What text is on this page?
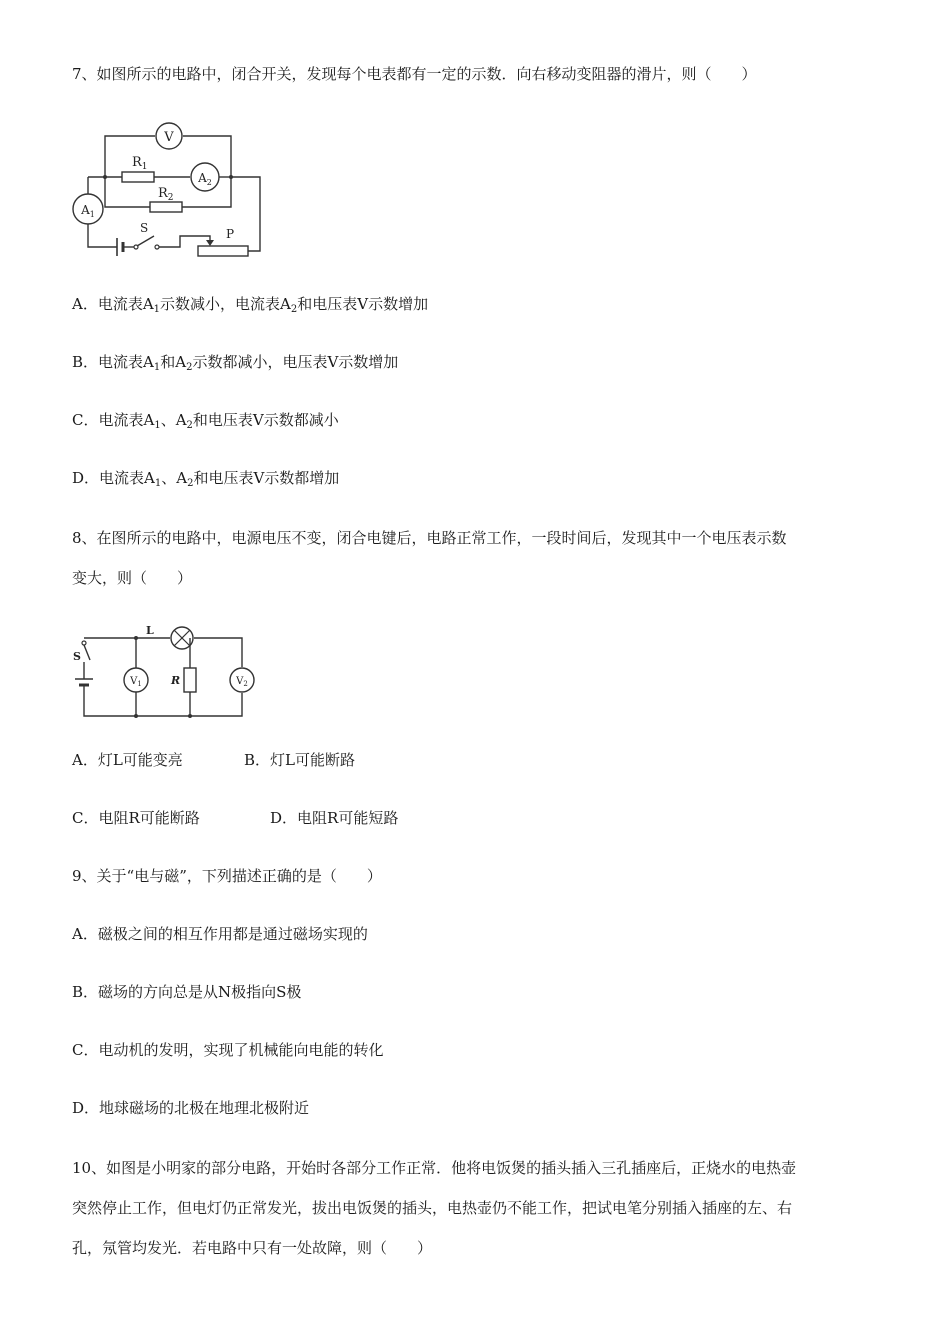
7、如图所示的电路中，闭合开关，发现每个电表都有一定的示数．向右移动变阻器的滑片，则（　　）
V
$A_2$
$R_1$
$R_2$
$A_1$
S	P
A．电流表$A_1$示数减小，电流表$A_2$和电压表V示数增加
B．电流表$A_1$和$A_2$示数都减小，电压表V示数增加
C．电流表$A_1$、$A_2$和电压表V示数都减小
D．电流表$A_1$、$A_2$和电压表V示数都增加
8、在图所示的电路中，电源电压不变，闭合电键后，电路正常工作，一段时间后，发现其中一个电压表示数
变大，则（　　）
L
S
$V_1$	R	$V_2$
A．灯L可能变亮	B．灯L可能断路
C．电阻R可能断路	D．电阻R可能短路
9、关于“电与磁”，下列描述正确的是（　　）
A．磁极之间的相互作用都是通过磁场实现的
B．磁场的方向总是从N极指向S极
C．电动机的发明，实现了机械能向电能的转化
D．地球磁场的北极在地理北极附近
10、如图是小明家的部分电路，开始时各部分工作正常．他将电饭煲的插头插入三孔插座后，正烧水的电热壶
突然停止工作，但电灯仍正常发光，拔出电饭煲的插头，电热壶仍不能工作，把试电笔分别插入插座的左、右
孔，氖管均发光．若电路中只有一处故障，则（　　）
